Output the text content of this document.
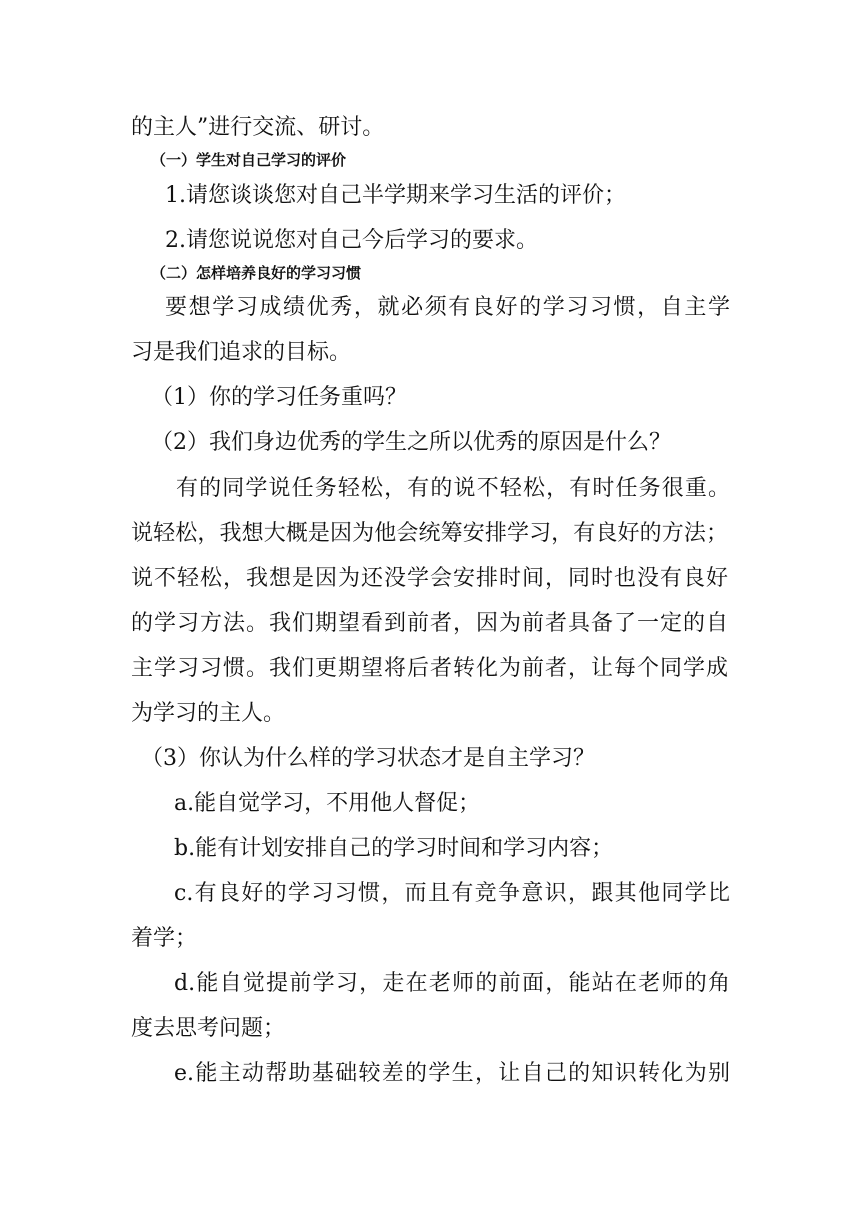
的主人”进行交流、研讨。
（一）学生对自己学习的评价
1.请您谈谈您对自己半学期来学习生活的评价；
2.请您说说您对自己今后学习的要求。
（二）怎样培养良好的学习习惯
要想学习成绩优秀，就必须有良好的学习习惯，自主学
习是我们追求的目标。
（1）你的学习任务重吗？
（2）我们身边优秀的学生之所以优秀的原因是什么？
有的同学说任务轻松，有的说不轻松，有时任务很重。
说轻松，我想大概是因为他会统筹安排学习，有良好的方法；
说不轻松，我想是因为还没学会安排时间，同时也没有良好
的学习方法。我们期望看到前者，因为前者具备了一定的自
主学习习惯。我们更期望将后者转化为前者，让每个同学成
为学习的主人。
（3）你认为什么样的学习状态才是自主学习？
a.能自觉学习，不用他人督促；
b.能有计划安排自己的学习时间和学习内容；
c.有良好的学习习惯，而且有竞争意识，跟其他同学比
着学；
d.能自觉提前学习，走在老师的前面，能站在老师的角
度去思考问题；
e.能主动帮助基础较差的学生，让自己的知识转化为别
